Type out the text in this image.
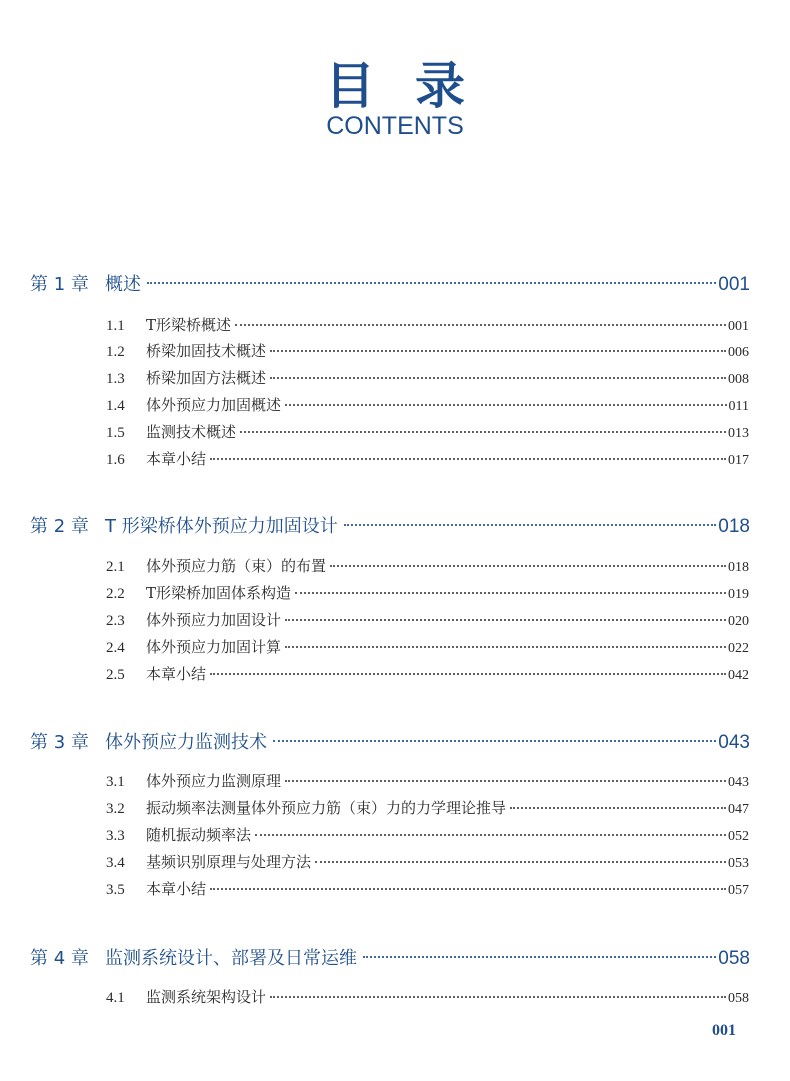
目录
CONTENTS
第 1 章 概述	001
1.1	T形梁桥概述	001
1.2	桥梁加固技术概述	006
1.3	桥梁加固方法概述	008
1.4	体外预应力加固概述	011
1.5	监测技术概述	013
1.6	本章小结	017
第 2 章 T 形梁桥体外预应力加固设计	018
2.1	体外预应力筋（束）的布置	018
2.2	T形梁桥加固体系构造	019
2.3	体外预应力加固设计	020
2.4	体外预应力加固计算	022
2.5	本章小结	042
第 3 章 体外预应力监测技术	043
3.1	体外预应力监测原理	043
3.2	振动频率法测量体外预应力筋（束）力的力学理论推导	047
3.3	随机振动频率法	052
3.4	基频识别原理与处理方法	053
3.5	本章小结	057
第 4 章 监测系统设计、部署及日常运维	058
4.1	监测系统架构设计	058
001
